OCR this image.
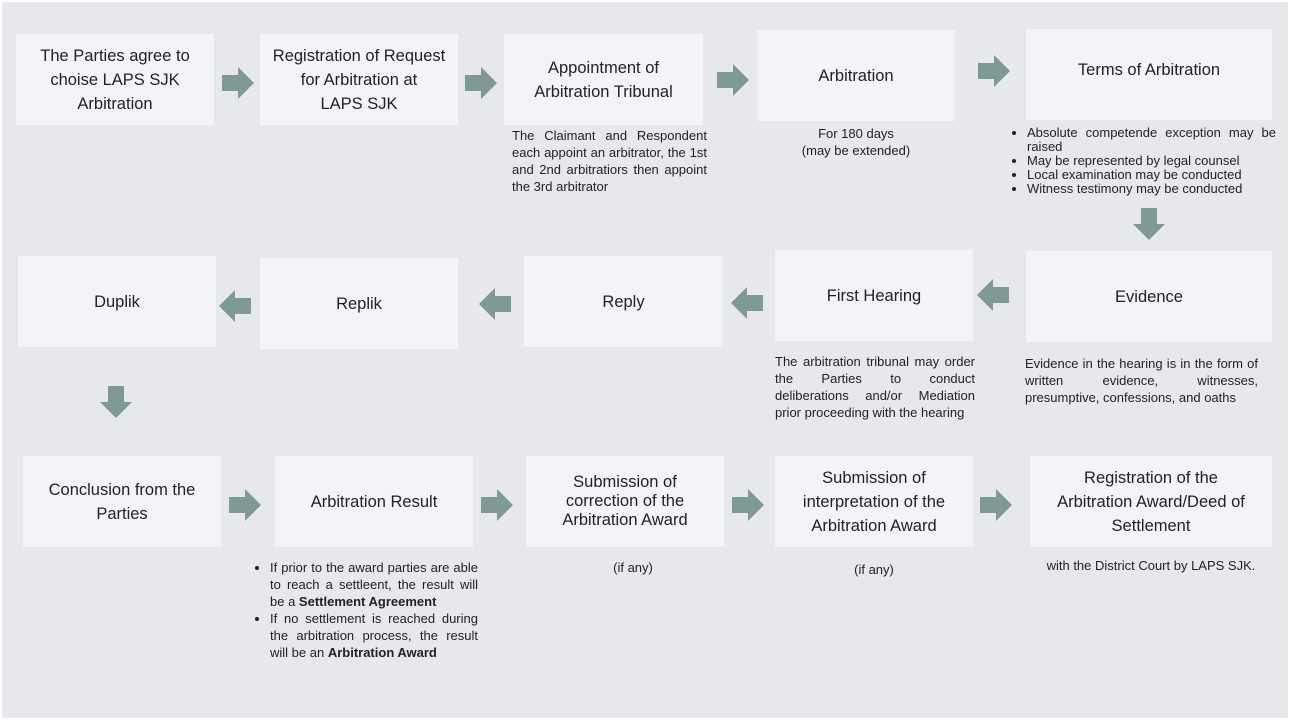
The Parties agree to
choise LAPS SJK
Arbitration
Registration of Request
for Arbitration at
LAPS SJK
Appointment of
Arbitration Tribunal
The Claimant and Respondent each appoint an arbitrator, the 1st and 2nd arbitratiors then appoint the 3rd arbitrator
Arbitration
For 180 days
(may be extended)
Terms of Arbitration
• Absolute competende exception may be raised
• May be represented by legal counsel
• Local examination may be conducted
• Witness testimony may be conducted
Evidence
Evidence in the hearing is in the form of written evidence, witnesses, presumptive, confessions, and oaths
First Hearing
The arbitration tribunal may order the Parties to conduct deliberations and/or Mediation prior proceeding with the hearing
Reply
Replik
Duplik
Conclusion from the
Parties
Arbitration Result
• If prior to the award parties are able to reach a settleent, the result will be a Settlement Agreement
• If no settlement is reached during the arbitration process, the result will be an Arbitration Award
Submission of
correction of the
Arbitration Award
(if any)
Submission of
interpretation of the
Arbitration Award
(if any)
Registration of the
Arbitration Award/Deed of
Settlement
with the District Court by LAPS SJK.
